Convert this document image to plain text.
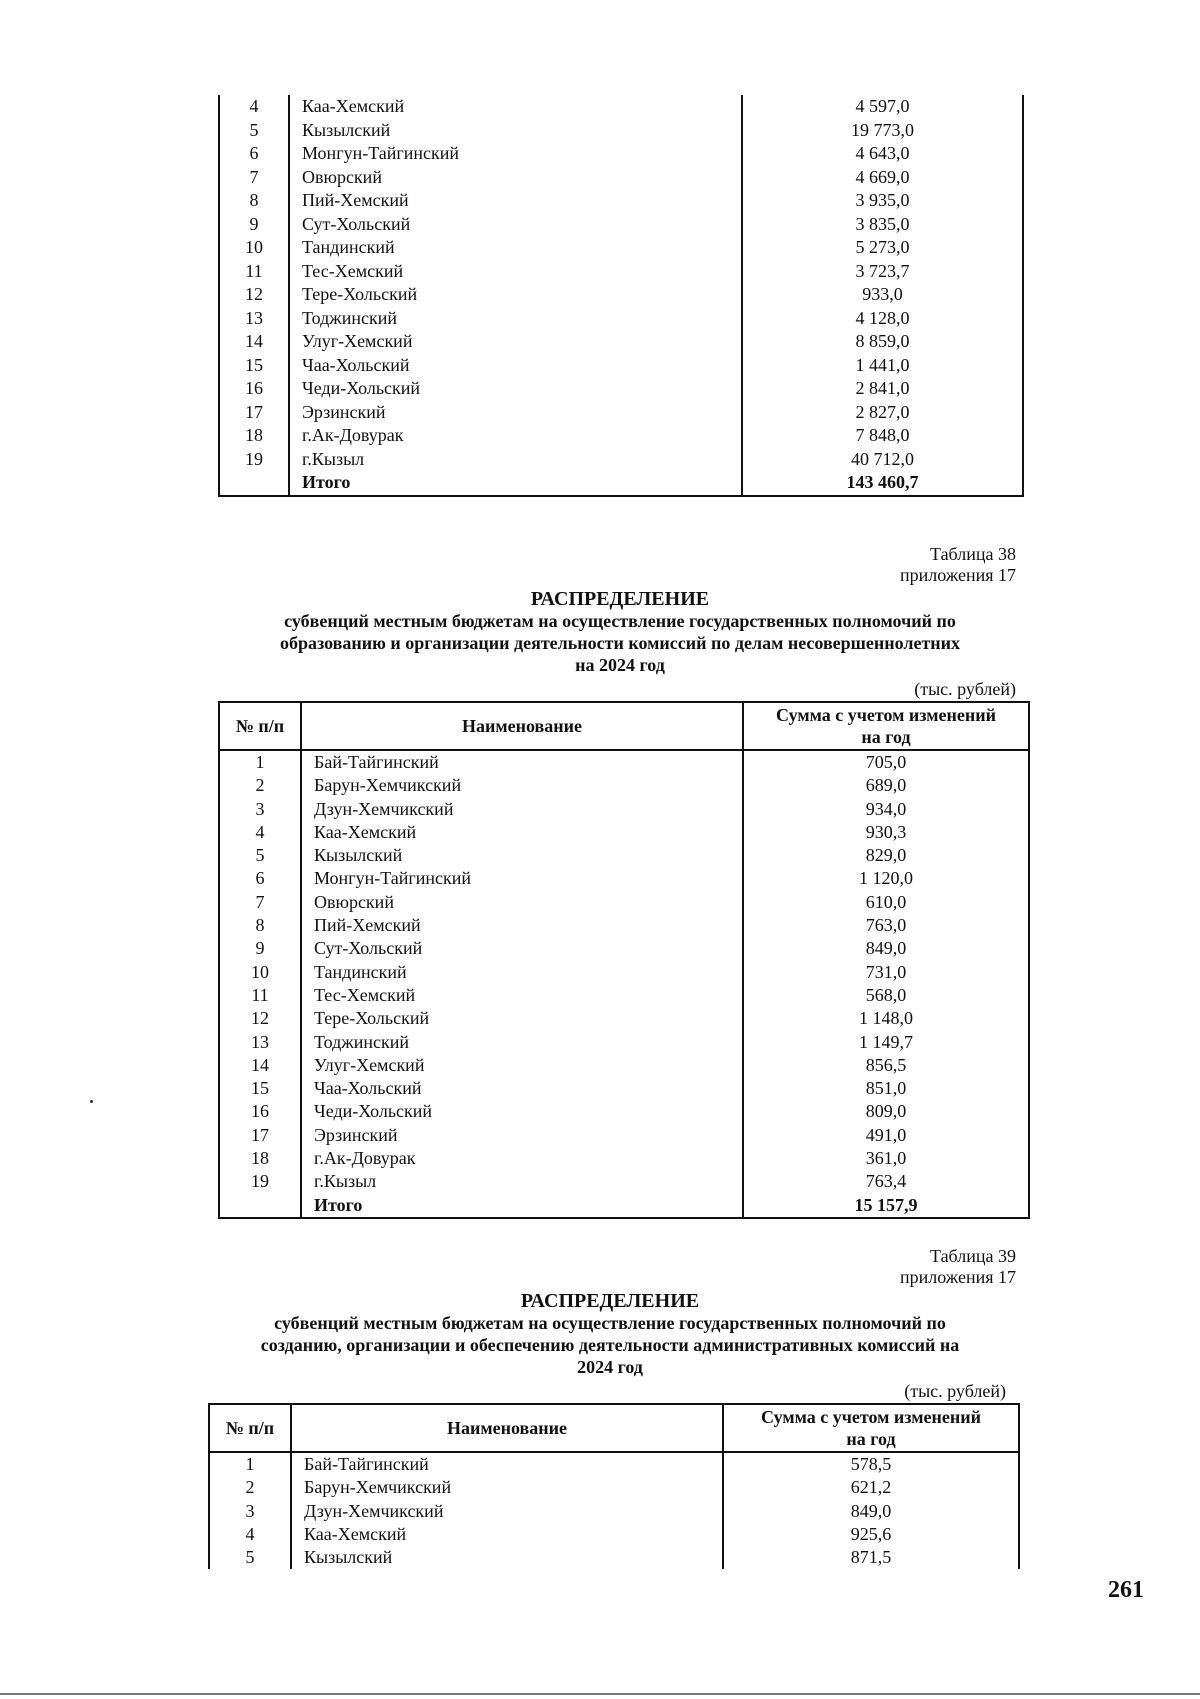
4	Каа-Хемский	4 597,0
5	Кызылский	19 773,0
6	Монгун-Тайгинский	4 643,0
7	Овюрский	4 669,0
8	Пий-Хемский	3 935,0
9	Сут-Хольский	3 835,0
10	Тандинский	5 273,0
11	Тес-Хемский	3 723,7
12	Тере-Хольский	933,0
13	Тоджинский	4 128,0
14	Улуг-Хемский	8 859,0
15	Чаа-Хольский	1 441,0
16	Чеди-Хольский	2 841,0
17	Эрзинский	2 827,0
18	г.Ак-Довурак	7 848,0
19	г.Кызыл	40 712,0
	Итого	143 460,7
Таблица 38
приложения 17
РАСПРЕДЕЛЕНИЕ
субвенций местным бюджетам на осуществление государственных полномочий по
образованию и организации деятельности комиссий по делам несовершеннолетних
на 2024 год
(тыс. рублей)
№ п/п	Наименование	Сумма с учетом изменений
на год

1	Бай-Тайгинский	705,0
2	Барун-Хемчикский	689,0
3	Дзун-Хемчикский	934,0
4	Каа-Хемский	930,3
5	Кызылский	829,0
6	Монгун-Тайгинский	1 120,0
7	Овюрский	610,0
8	Пий-Хемский	763,0
9	Сут-Хольский	849,0
10	Тандинский	731,0
11	Тес-Хемский	568,0
12	Тере-Хольский	1 148,0
13	Тоджинский	1 149,7
14	Улуг-Хемский	856,5
15	Чаа-Хольский	851,0
16	Чеди-Хольский	809,0
17	Эрзинский	491,0
18	г.Ак-Довурак	361,0
19	г.Кызыл	763,4
	Итого	15 157,9
Таблица 39
приложения 17
РАСПРЕДЕЛЕНИЕ
субвенций местным бюджетам на осуществление государственных полномочий по
созданию, организации и обеспечению деятельности административных комиссий на
2024 год
(тыс. рублей)
№ п/п	Наименование	Сумма с учетом изменений
на год

1	Бай-Тайгинский	578,5
2	Барун-Хемчикский	621,2
3	Дзун-Хемчикский	849,0
4	Каа-Хемский	925,6
5	Кызылский	871,5
261
